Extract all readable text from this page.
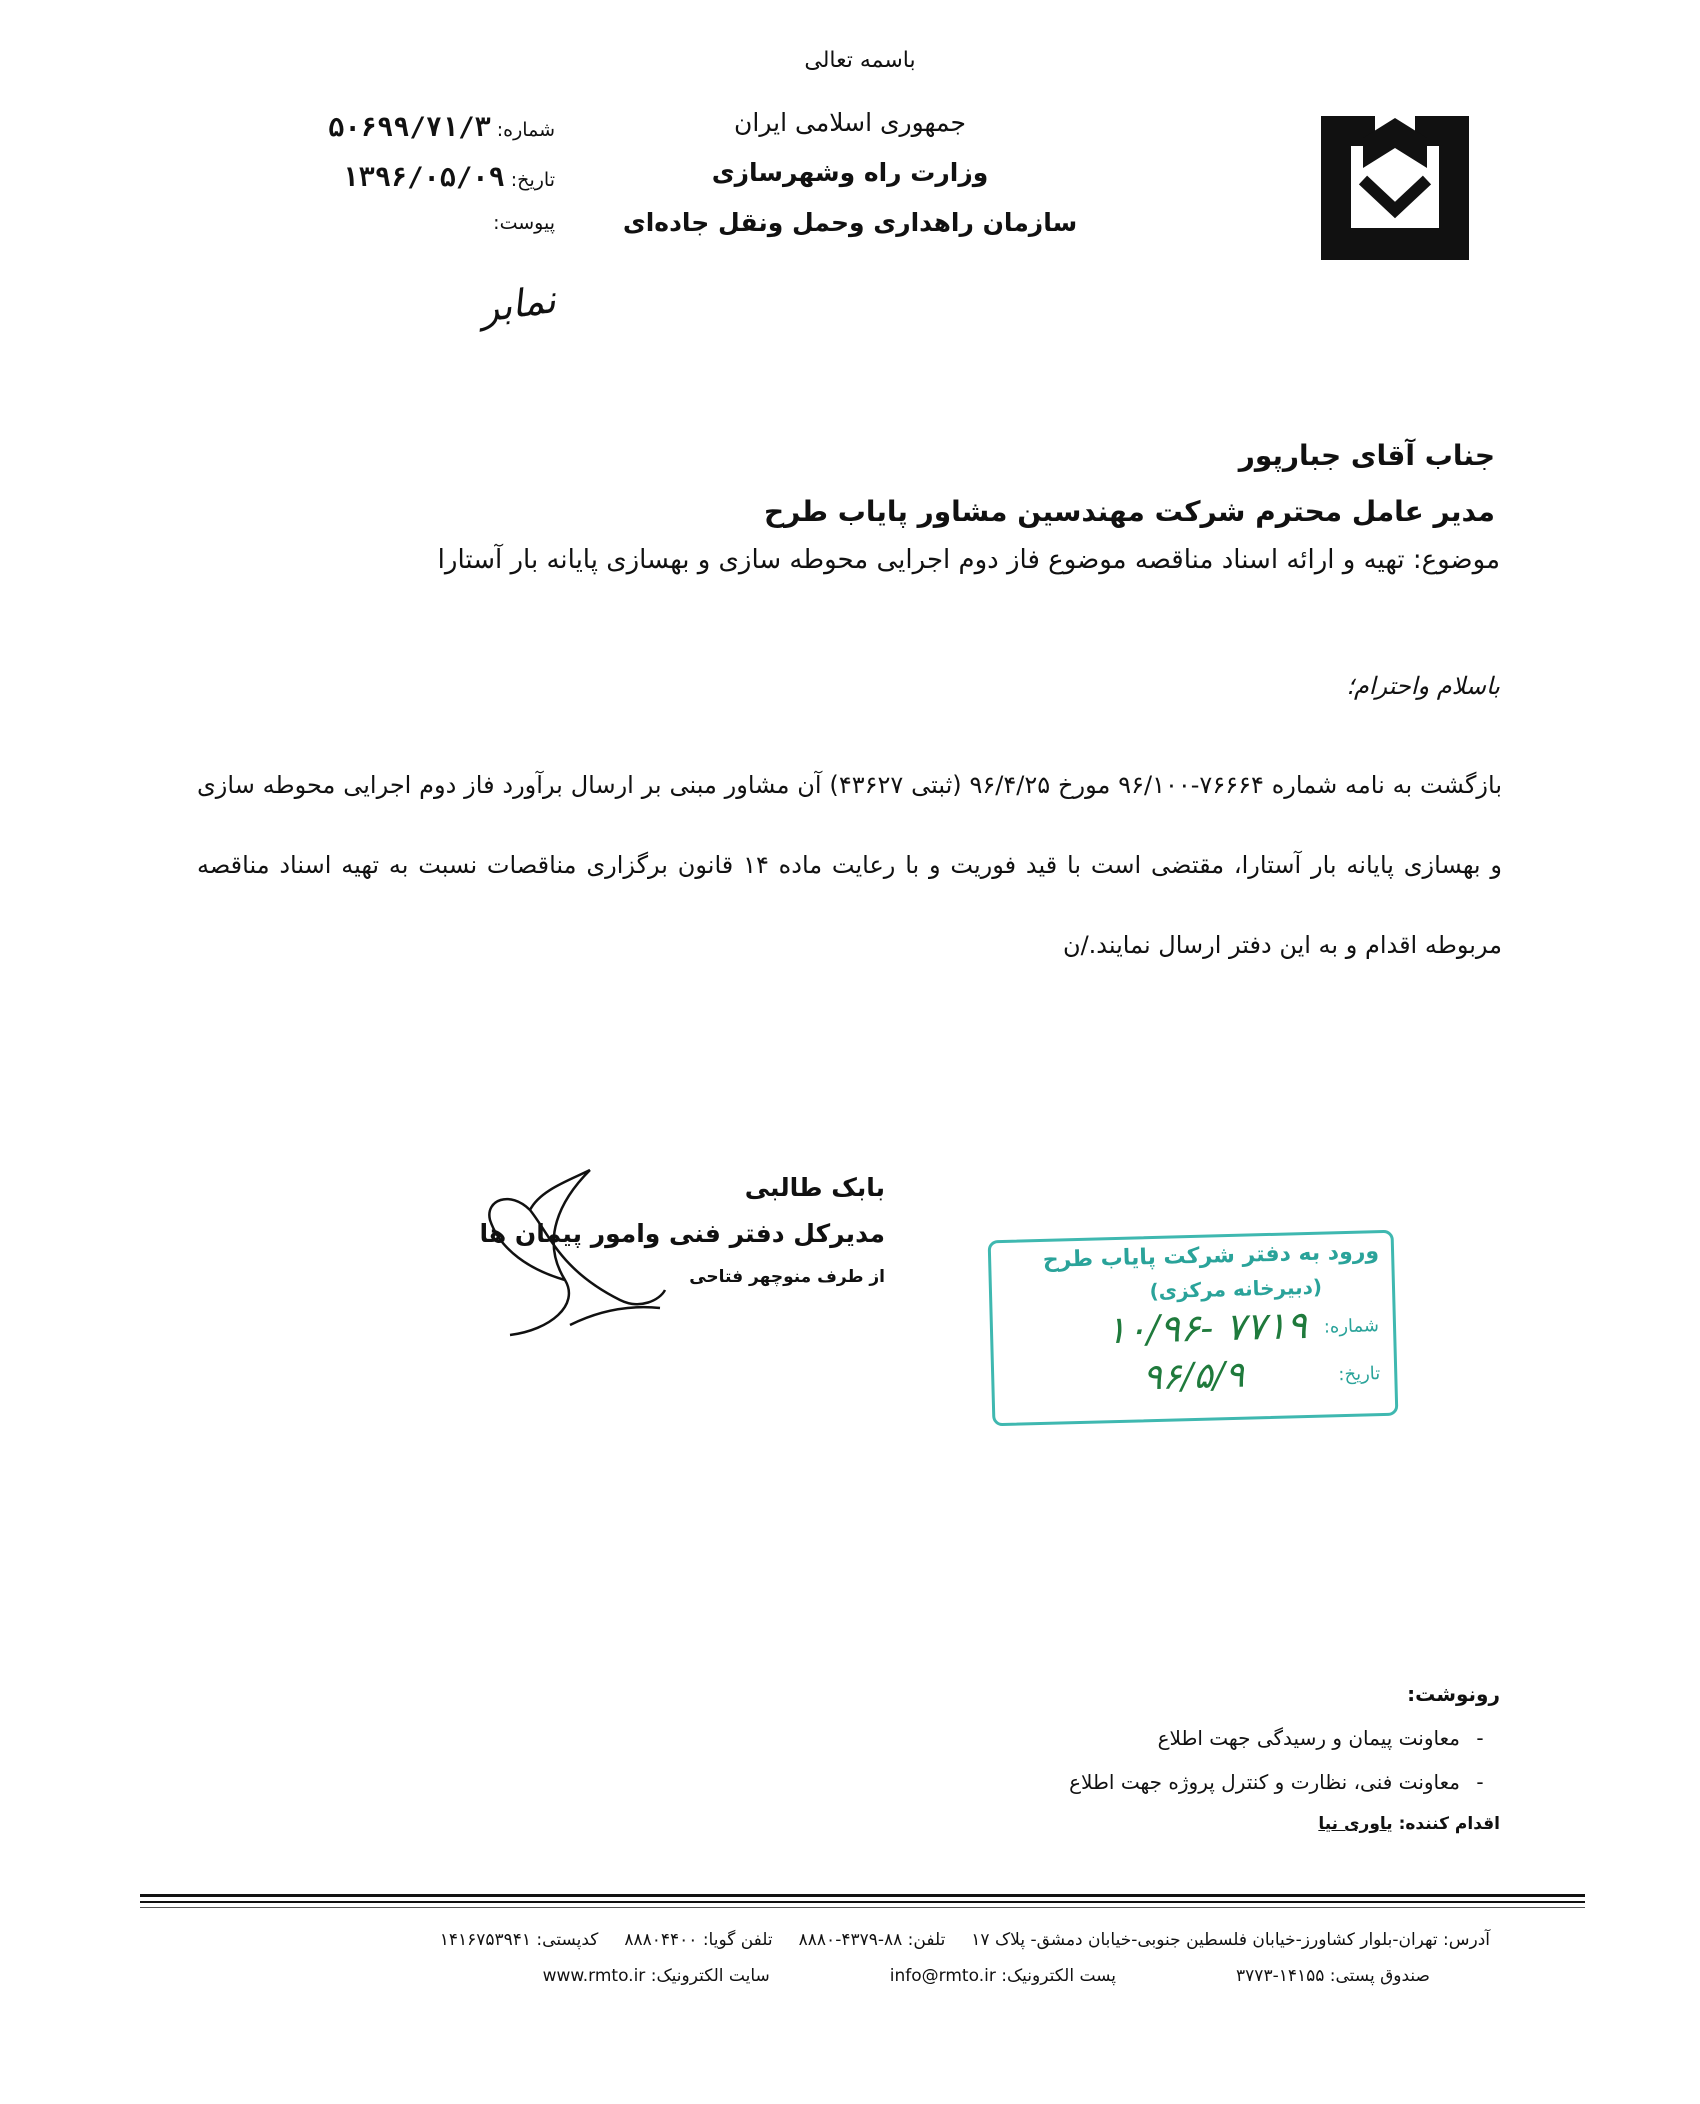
باسمه تعالی
جمهوری اسلامی ایران
وزارت راه وشهرسازی
سازمان راهداری وحمل ونقل جاده‌ای
شماره:
۵۰۶۹۹/۷۱/۳
تاریخ:
۱۳۹۶/۰۵/۰۹
پیوست:
نمابر
جناب آقای جبارپور
مدیر عامل محترم شرکت مهندسین مشاور پایاب طرح
موضوع: تهیه و ارائه اسناد مناقصه موضوع فاز دوم اجرایی محوطه سازی و بهسازی پایانه بار آستارا
باسلام واحترام؛
بازگشت به نامه شماره ۷۶۶۶۴-۹۶/۱۰۰ مورخ ۹۶/۴/۲۵ (ثبتی ۴۳۶۲۷) آن مشاور مبنی بر ارسال برآورد فاز دوم اجرایی محوطه سازی و بهسازی پایانه بار آستارا، مقتضی است با قید فوریت و با رعایت ماده ۱۴ قانون برگزاری مناقصات نسبت به تهیه اسناد مناقصه مربوطه اقدام و به این دفتر ارسال نمایند./ن
بابک طالبی
مدیرکل دفتر فنی وامور پیمان ها
از طرف منوچهر فتاحی
ورود به دفتر شرکت پایاب طرح
(دبیرخانه مرکزی)
شماره:
۷۷۱۹ -۱۰/۹۶
تاریخ:
۹۶/۵/۹
رونوشت:
-معاونت پیمان و رسیدگی جهت اطلاع
-معاونت فنی، نظارت و کنترل پروژه جهت اطلاع
اقدام کننده: یاوری نیا
آدرس: تهران-بلوار کشاورز-خیابان فلسطین جنوبی-خیابان دمشق- پلاک ۱۷
تلفن: ۸۸-۴۳۷۹-۸۸۸۰
تلفن گویا: ۸۸۸۰۴۴۰۰
کدپستی: ۱۴۱۶۷۵۳۹۴۱
صندوق پستی: ۱۴۱۵۵-۳۷۷۳
پست الکترونیک: info@rmto.ir
سایت الکترونیک: www.rmto.ir
